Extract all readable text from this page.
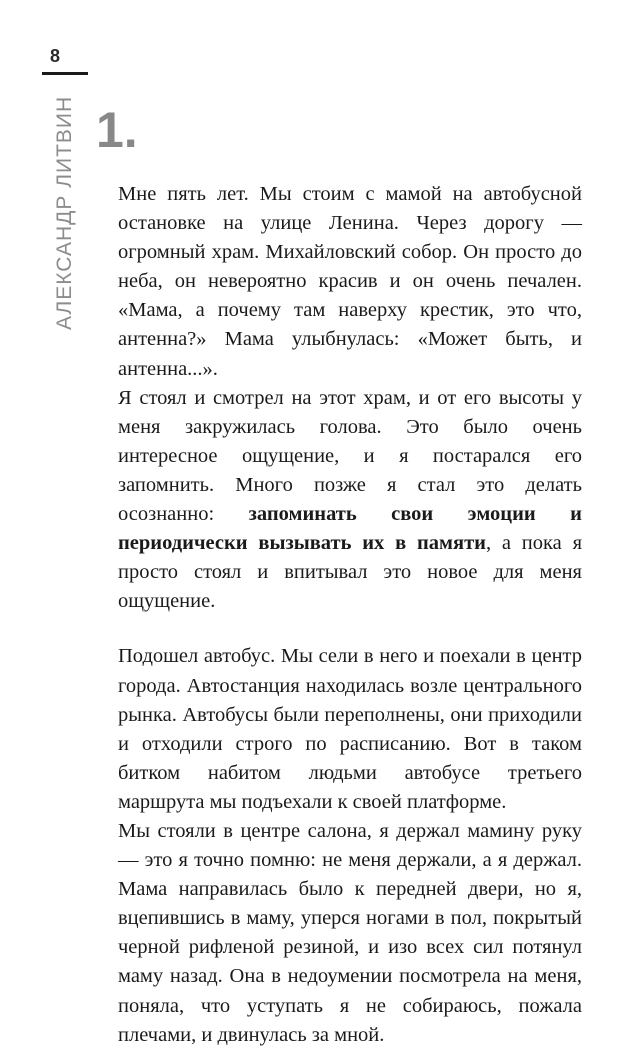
8
АЛЕКСАНДР ЛИТВИН 1.

Мне пять лет. Мы стоим с мамой на автобусной остановке на улице Ленина. Через дорогу — огромный храм. Михайловский собор. Он просто до неба, он невероятно красив и он очень печален. «Мама, а почему там наверху крестик, это что, антенна?» Мама улыбнулась: «Может быть, и антенна...».

Я стоял и смотрел на этот храм, и от его высоты у меня закружилась голова. Это было очень интересное ощущение, и я постарался его запомнить. Много позже я стал это делать осознанно: запоминать свои эмоции и периодически вызывать их в памяти, а пока я просто стоял и впитывал это новое для меня ощущение.

Подошел автобус. Мы сели в него и поехали в центр города. Автостанция находилась возле центрального рынка. Автобусы были переполнены, они приходили и отходили строго по расписанию. Вот в таком битком набитом людьми автобусе третьего маршрута мы подъехали к своей платформе.

Мы стояли в центре салона, я держал мамину руку — это я точно помню: не меня держали, а я держал. Мама направилась было к передней двери, но я, вцепившись в маму, уперся ногами в пол, покрытый черной рифленой резиной, и изо всех сил потянул маму назад. Она в недоумении посмотрела на меня, поняла, что уступать я не собираюсь, пожала плечами, и двинулась за мной.
